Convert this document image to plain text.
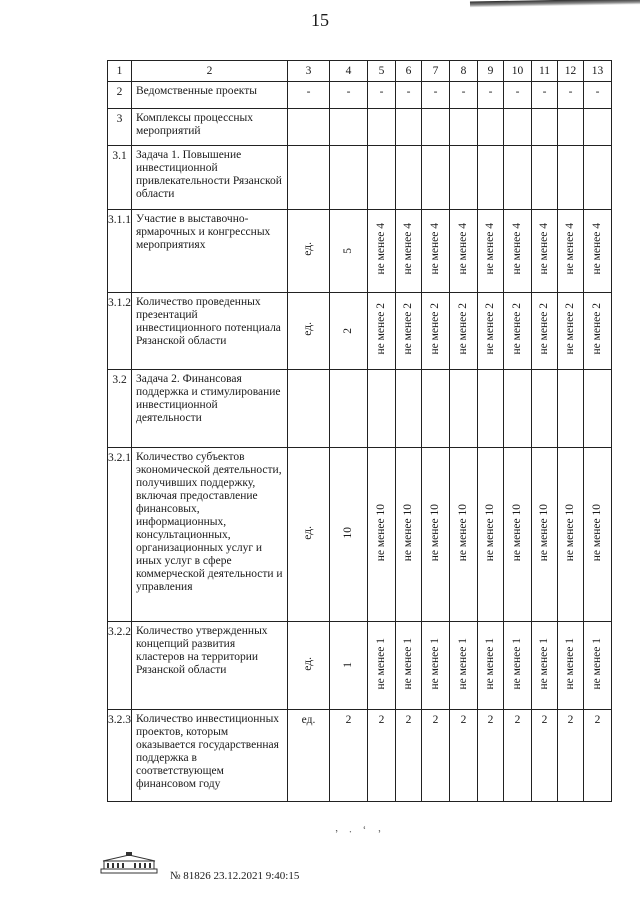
15
1	2	3	4	5	6	7	8	9	10	11	12	13
2	Ведомственные проекты	-	-	-	-	-	-	-	-	-	-	-
3	Комплексы процессных мероприятий											
3.1	Задача 1. Повышение инвестиционной привлекательности Рязанской области											
3.1.1	Участие в выставочно-ярмарочных и конгрессных мероприятиях	ед.	5	не менее 4	не менее 4	не менее 4	не менее 4	не менее 4	не менее 4	не менее 4	не менее 4	не менее 4
3.1.2	Количество проведенных презентаций инвестиционного потенциала Рязанской области	ед.	2	не менее 2	не менее 2	не менее 2	не менее 2	не менее 2	не менее 2	не менее 2	не менее 2	не менее 2
3.2	Задача 2. Финансовая поддержка и стимулирование инвестиционной деятельности											
3.2.1	Количество субъектов экономической деятельности, получивших поддержку, включая предоставление финансовых, информационных, консультационных, организационных услуг и иных услуг в сфере коммерческой деятельности и управления	ед.	10	не менее 10	не менее 10	не менее 10	не менее 10	не менее 10	не менее 10	не менее 10	не менее 10	не менее 10
3.2.2	Количество утвержденных концепций развития кластеров на территории Рязанской области	ед.	1	не менее 1	не менее 1	не менее 1	не менее 1	не менее 1	не менее 1	не менее 1	не менее 1	не менее 1
3.2.3	Количество инвестиционных проектов, которым оказывается государственная поддержка в соответствующем финансовом году	ед.	2	2	2	2	2	2	2	2	2	2
’ · ‘ ‚
№ 81826 23.12.2021 9:40:15
